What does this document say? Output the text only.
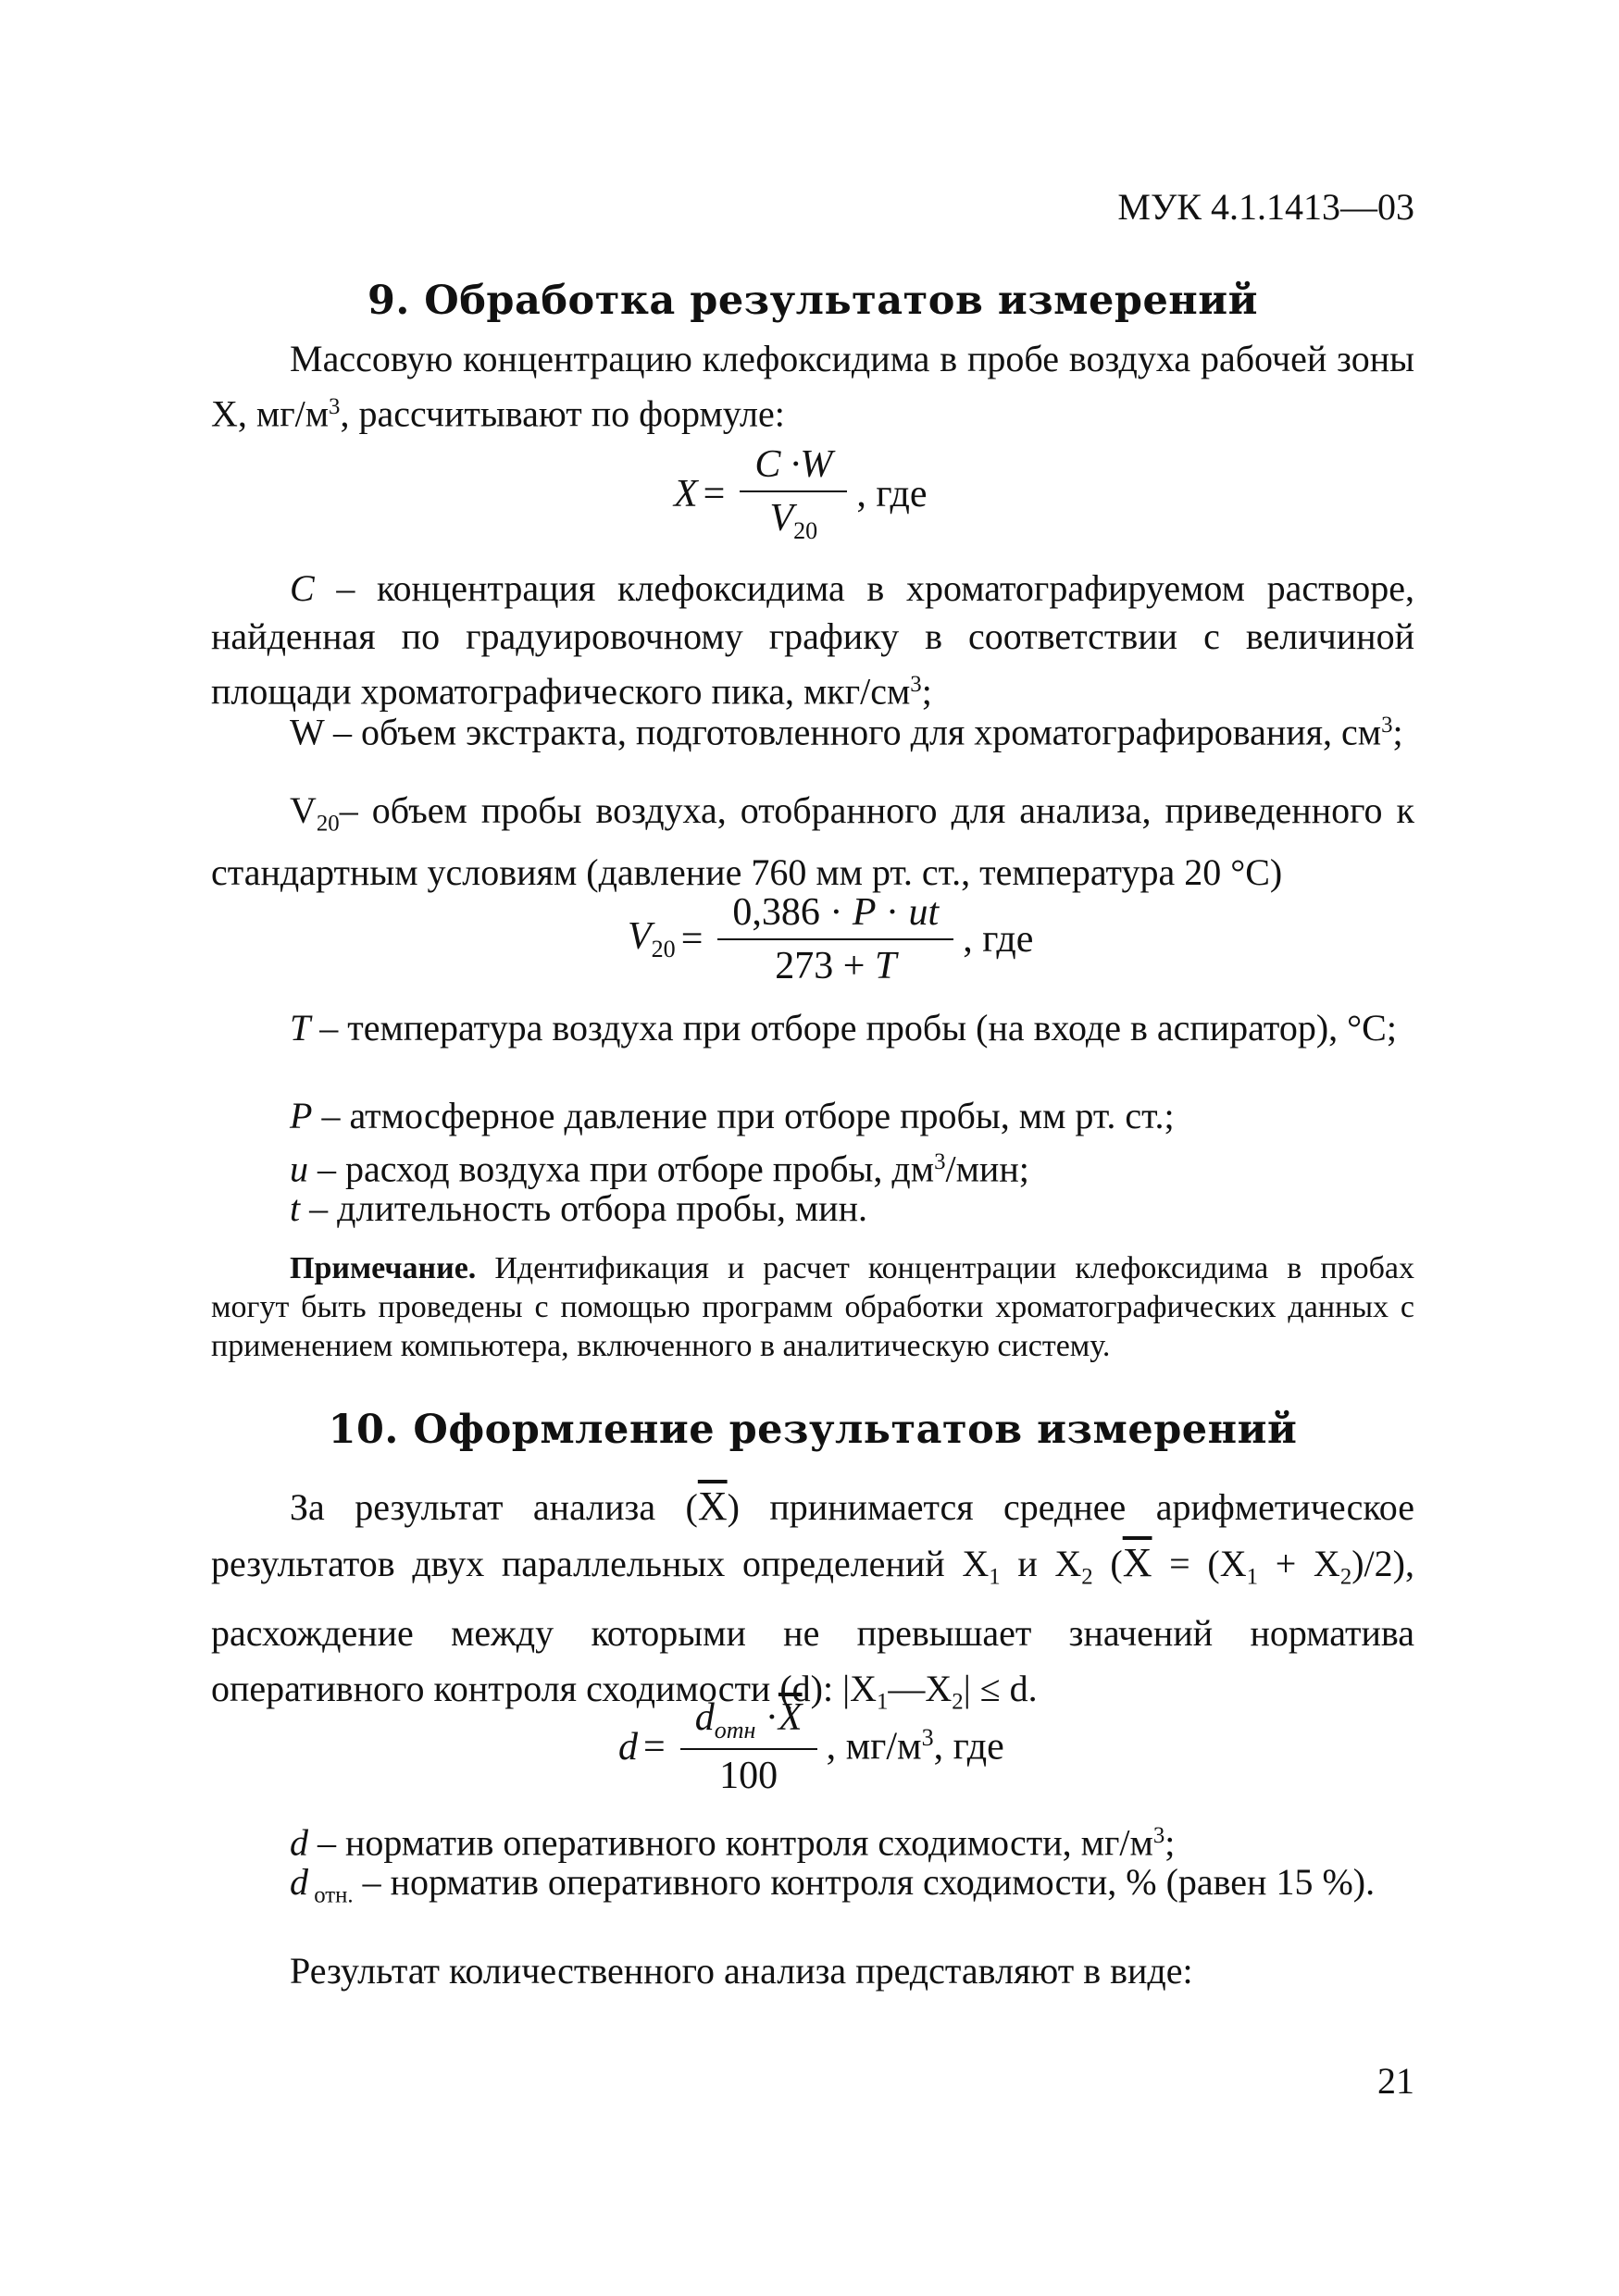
МУК 4.1.1413—03
9. Обработка результатов измерений

Массовую концентрацию клефоксидима в пробе воздуха рабочей зоны X, $мг/м^3$, рассчитывают по формуле:

$X = \frac{C \cdot W}{V_{20}}$ , где

C – концентрация клефоксидима в хроматографируемом растворе, найденная по градуировочному графику в соответствии с величиной площади хроматографического пика, мкг/$см^3$;

W – объем экстракта, подготовленного для хроматографирования, $см^3$;

$V_{20}-$ объем пробы воздуха, отобранного для анализа, приведенного к стандартным условиям (давление 760 мм рт. ст., температура 20 °С)

$V_{20} = \frac{0,386 \cdot P \cdot ut}{273 + T}$ , где

T – температура воздуха при отборе пробы (на входе в аспиратор), °С;

P – атмосферное давление при отборе пробы, мм рт. ст.;

u – расход воздуха при отборе пробы, $дм^3$/мин;

t – длительность отбора пробы, мин.

Примечание. Идентификация и расчет концентрации клефоксидима в пробах могут быть проведены с помощью программ обработки хроматографических данных с применением компьютера, включенного в аналитическую систему.

10. Оформление результатов измерений

За результат анализа $(\overline{X})$ принимается среднее арифметическое результатов двух параллельных определений $X_1$ и $X_2$ $(\overline{X} = (X_1 + X_2)/2)$, расхождение между которыми не превышает значений норматива оперативного контроля сходимости (d): $|X_1—X_2| \le d$.

$d = \frac{d_{отн} \cdot\overline{X}}{100}$ , $мг/м^3$, где

d – норматив оперативного контроля сходимости, $мг/м^3$;

d $_{отн.}$ – норматив оперативного контроля сходимости, % (равен 15 %).

Результат количественного анализа представляют в виде:

21
